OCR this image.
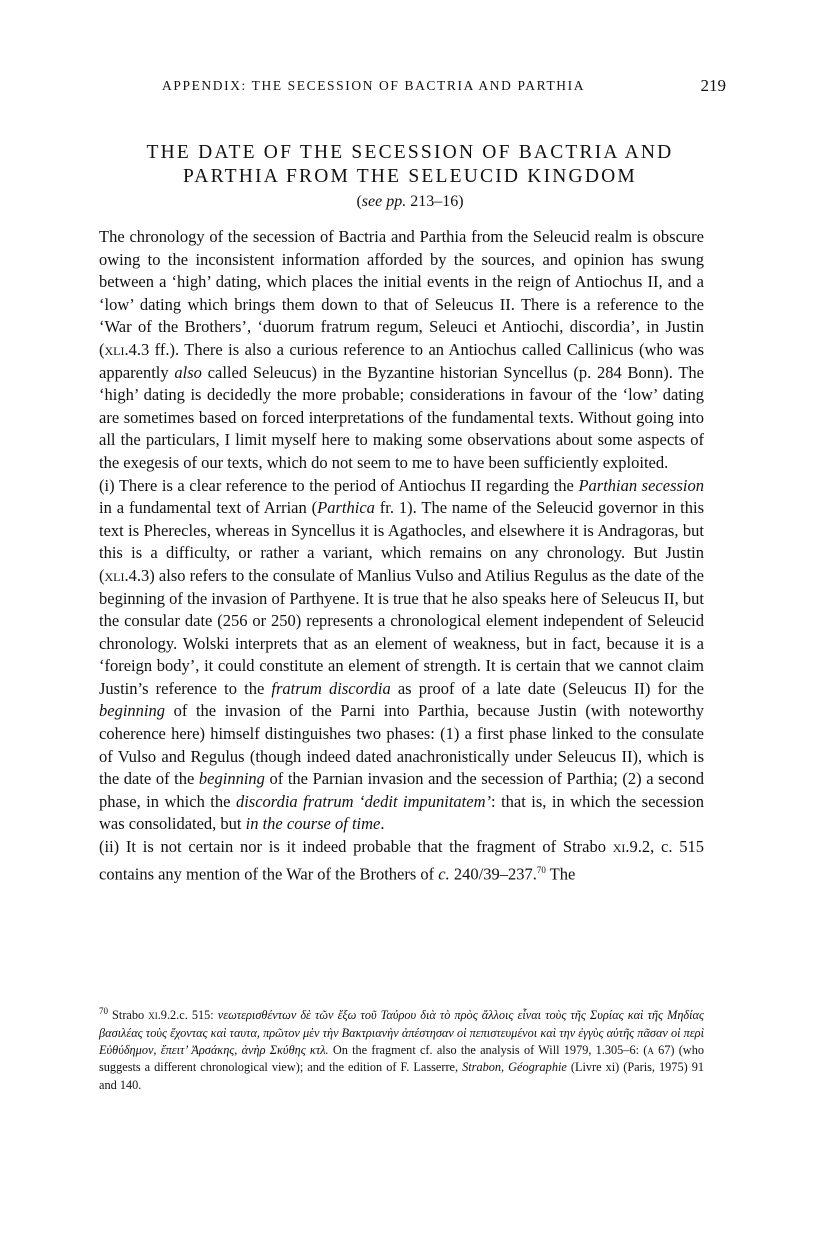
APPENDIX: THE SECESSION OF BACTRIA AND PARTHIA	219
THE DATE OF THE SECESSION OF BACTRIA AND
PARTHIA FROM THE SELEUCID KINGDOM
(see pp. 213–16)

The chronology of the secession of Bactria and Parthia from the Seleucid realm is obscure owing to the inconsistent information afforded by the sources, and opinion has swung between a ‘high’ dating, which places the initial events in the reign of Antiochus II, and a ‘low’ dating which brings them down to that of Seleucus II. There is a reference to the ‘War of the Brothers’, ‘duorum fratrum regum, Seleuci et Antiochi, discordia’, in Justin (xli.4.3 ff.). There is also a curious reference to an Antiochus called Callinicus (who was apparently also called Seleucus) in the Byzantine historian Syncellus (p. 284 Bonn). The ‘high’ dating is decidedly the more probable; considerations in favour of the ‘low’ dating are sometimes based on forced interpretations of the fundamental texts. Without going into all the particulars, I limit myself here to making some observations about some aspects of the exegesis of our texts, which do not seem to me to have been sufficiently exploited.

(i) There is a clear reference to the period of Antiochus II regarding the Parthian secession in a fundamental text of Arrian (Parthica fr. 1). The name of the Seleucid governor in this text is Pherecles, whereas in Syncellus it is Agathocles, and elsewhere it is Andragoras, but this is a difficulty, or rather a variant, which remains on any chronology. But Justin (xli.4.3) also refers to the consulate of Manlius Vulso and Atilius Regulus as the date of the beginning of the invasion of Parthyene. It is true that he also speaks here of Seleucus II, but the consular date (256 or 250) represents a chronological element independent of Seleucid chronology. Wolski interprets that as an element of weakness, but in fact, because it is a ‘foreign body’, it could constitute an element of strength. It is certain that we cannot claim Justin’s reference to the fratrum discordia as proof of a late date (Seleucus II) for the beginning of the invasion of the Parni into Parthia, because Justin (with noteworthy coherence here) himself distinguishes two phases: (1) a first phase linked to the consulate of Vulso and Regulus (though indeed dated anachronistically under Seleucus II), which is the date of the beginning of the Parnian invasion and the secession of Parthia; (2) a second phase, in which the discordia fratrum ‘dedit impunitatem’: that is, in which the secession was consolidated, but in the course of time.

(ii) It is not certain nor is it indeed probable that the fragment of Strabo xi.9.2, c. 515 contains any mention of the War of the Brothers of c. 240/39–237.70 The

$^{70}$ Strabo xi.9.2.c. 515: νεωτερισθέντων δὲ τῶν ἔξω τοῦ Ταύρου διὰ τὸ πρὸς ἄλλοις εἶναι τοὺς τῆς Συρίας καὶ τῆς Μηδίας βασιλέας τοὺς ἔχοντας καὶ ταυτα, πρῶτον μὲν τὴν Βακτριανὴν ἀπέστησαν οἱ πεπιστευμένοι καὶ την ἐγγὺς αὐτῆς πᾶσαν οἱ περὶ Εὐθύδημον, ἔπειτ’ Ἀρσάκης, ἀνὴρ Σκύθης κτλ. On the fragment cf. also the analysis of Will 1979, 1.305–6: (a 67) (who suggests a different chronological view); and the edition of F. Lasserre, Strabon, Géographie (Livre xi) (Paris, 1975) 91 and 140.
